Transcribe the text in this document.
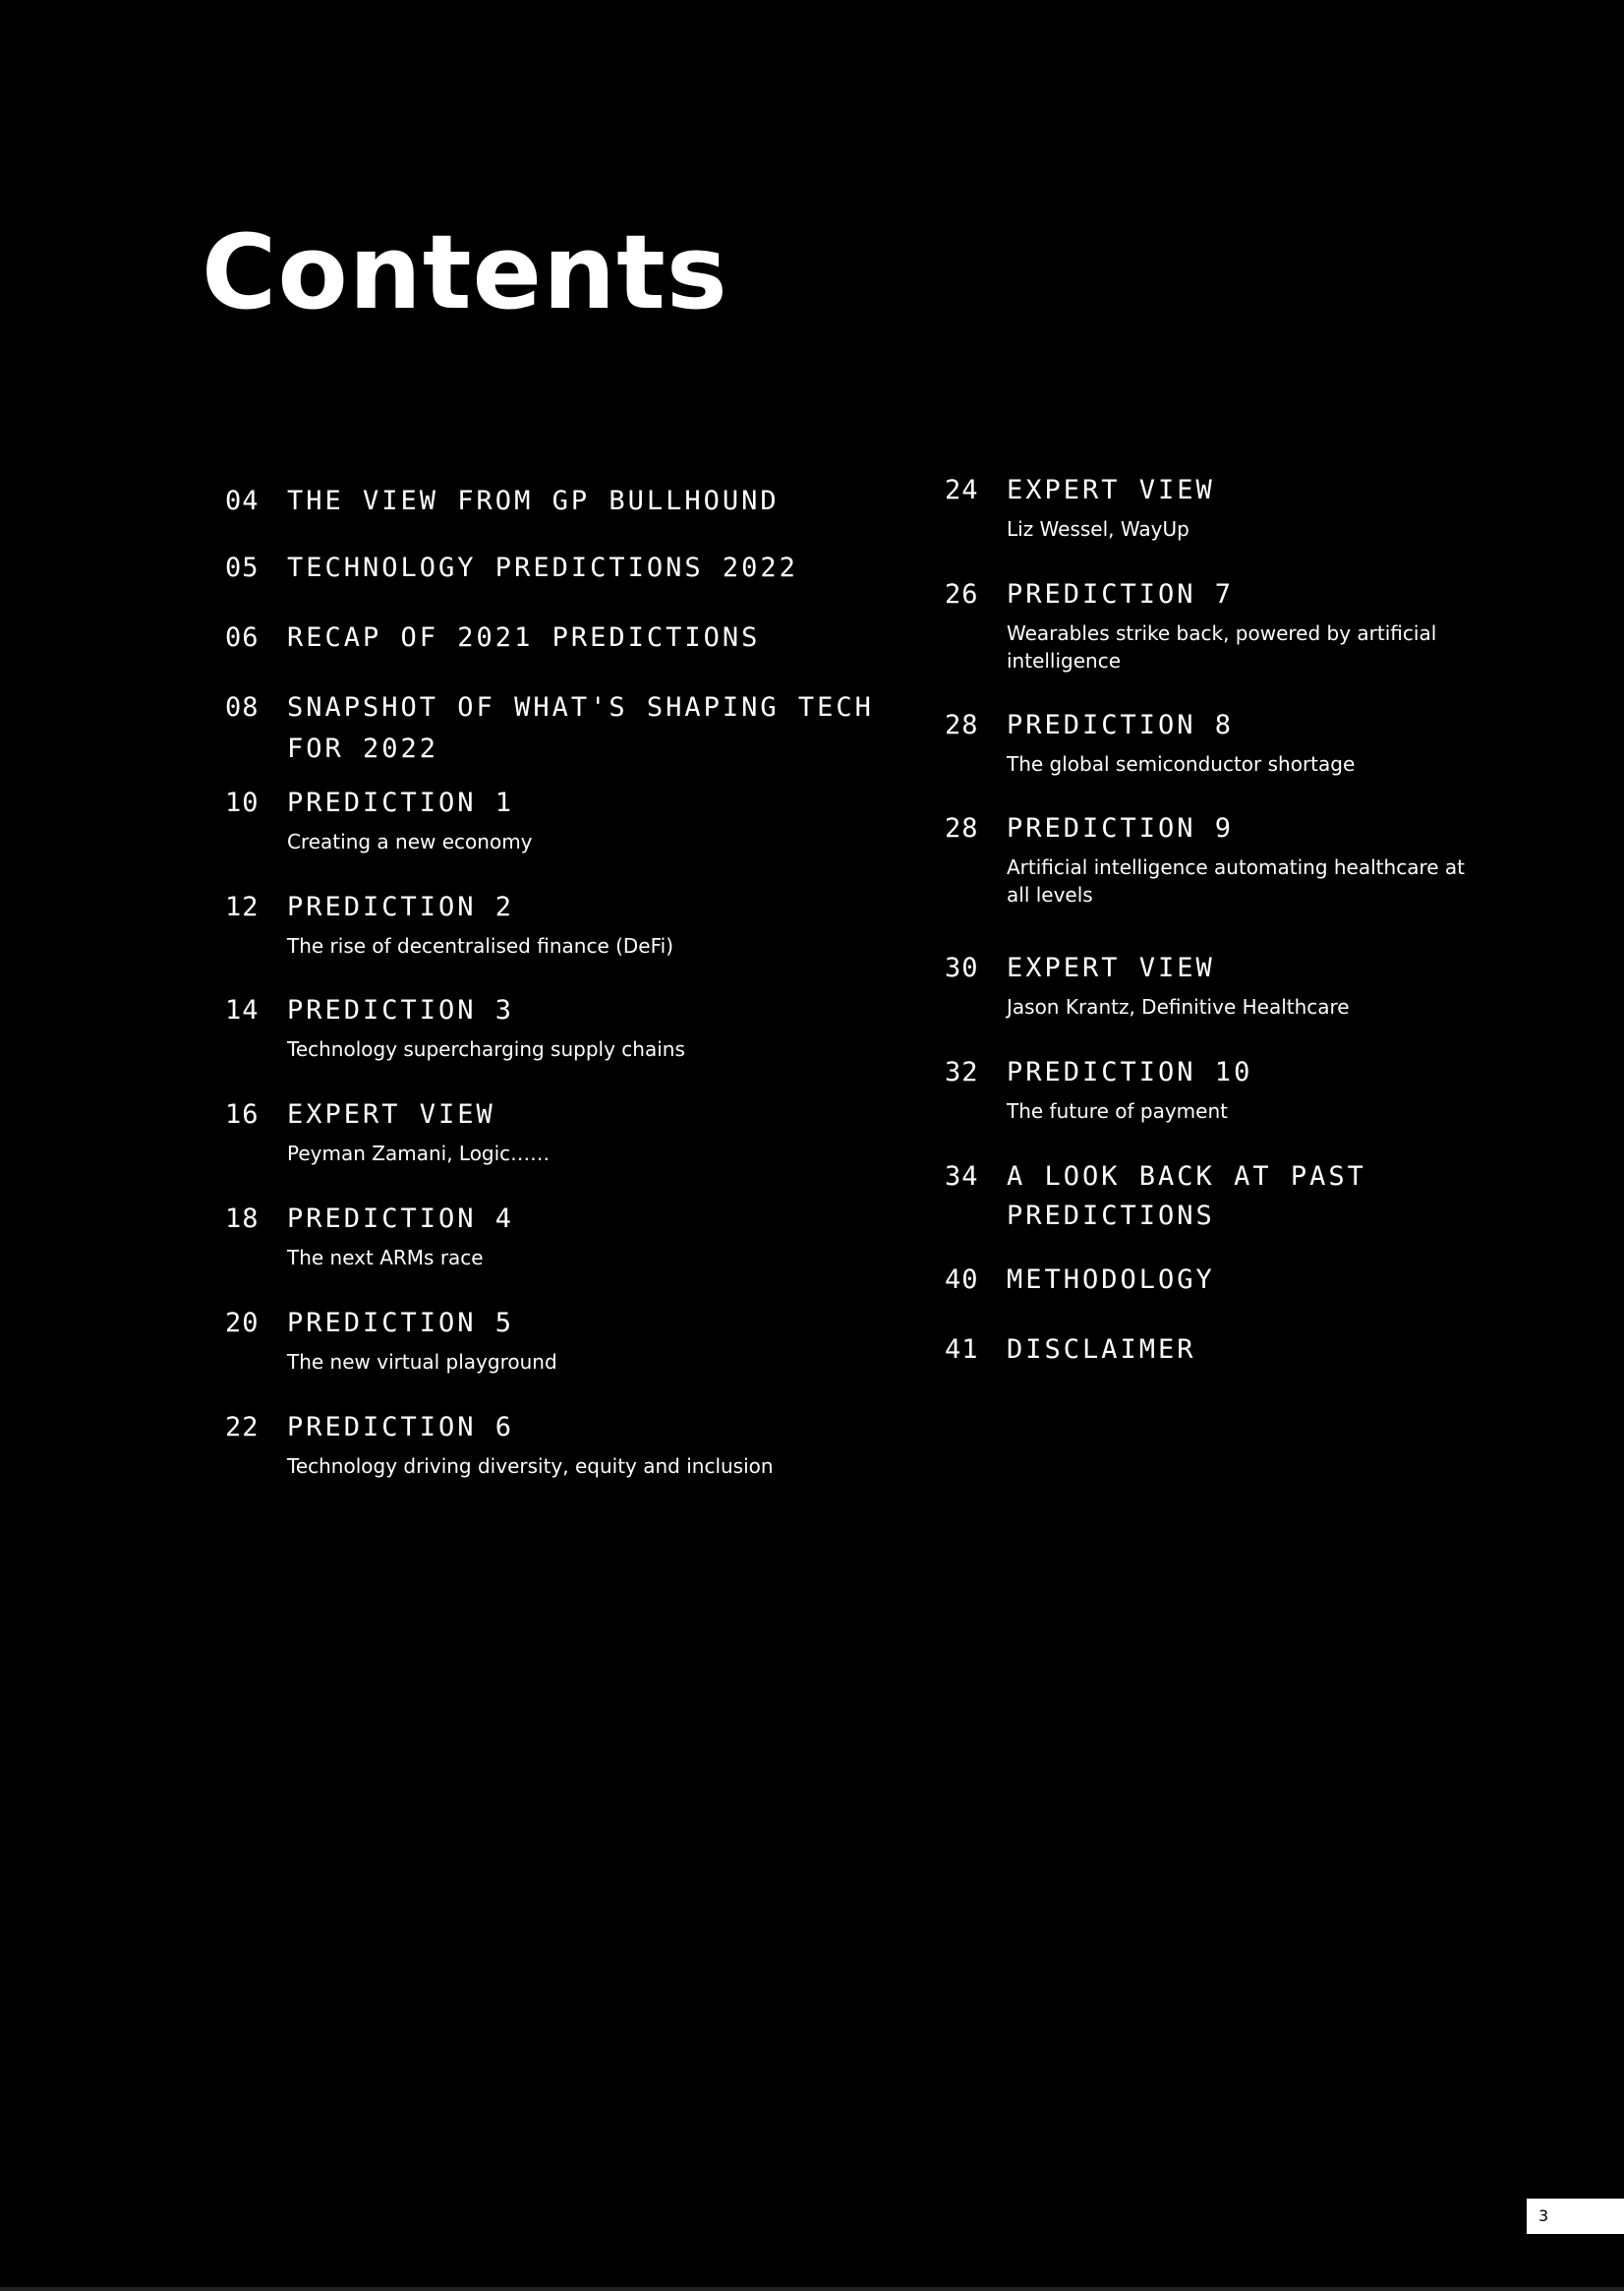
Contents
04 THE VIEW FROM GP BULLHOUND
05 TECHNOLOGY PREDICTIONS 2022
06 RECAP OF 2021 PREDICTIONS
08 SNAPSHOT OF WHAT'S SHAPING TECH
FOR 2022
10 PREDICTION 1
Creating a new economy
12 PREDICTION 2
The rise of decentralised finance (DeFi)
14 PREDICTION 3
Technology supercharging supply chains
16 EXPERT VIEW
Peyman Zamani, Logic……
18 PREDICTION 4
The next ARMs race
20 PREDICTION 5
The new virtual playground
22 PREDICTION 6
Technology driving diversity, equity and inclusion
24 EXPERT VIEW
Liz Wessel, WayUp
26 PREDICTION 7
Wearables strike back, powered by artificial
intelligence
28 PREDICTION 8
The global semiconductor shortage
28 PREDICTION 9
Artificial intelligence automating healthcare at
all levels
30 EXPERT VIEW
Jason Krantz, Definitive Healthcare
32 PREDICTION 10
The future of payment
34 A LOOK BACK AT PAST
PREDICTIONS
40 METHODOLOGY
41 DISCLAIMER
3
